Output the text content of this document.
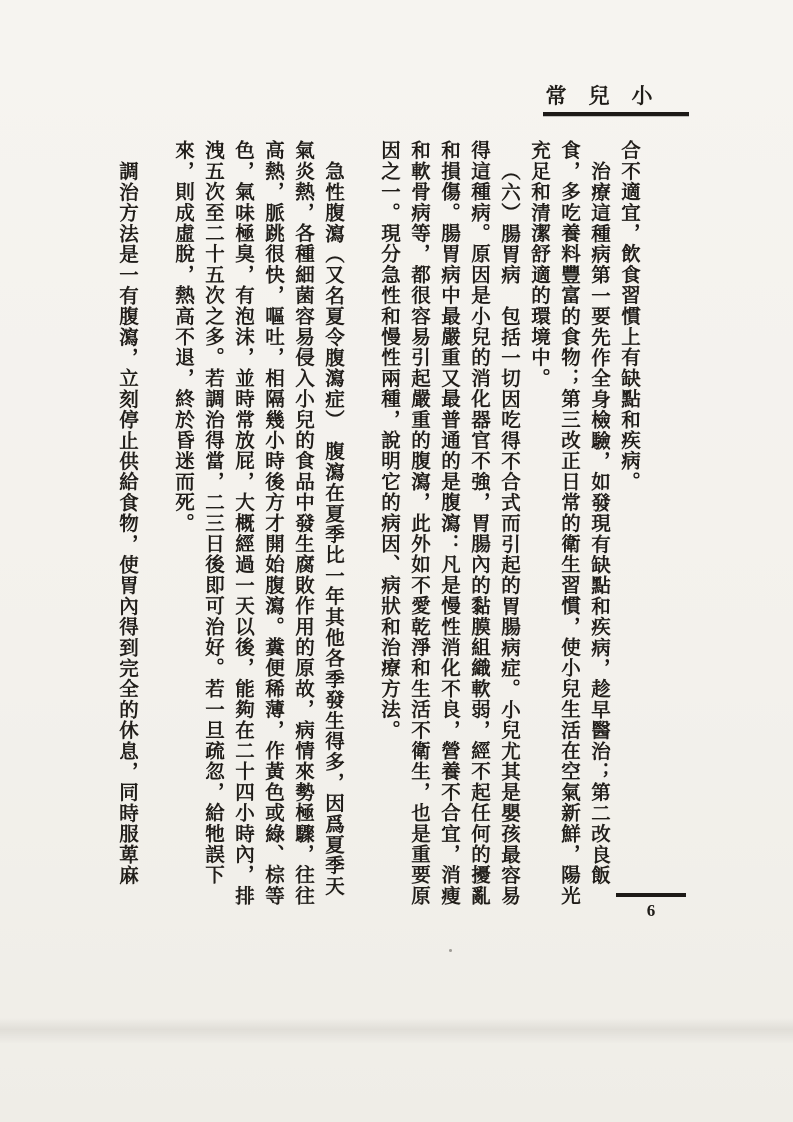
小
兒
常
合不適宜，飲食習慣上有缺點和疾病。
治療這種病第一要先作全身檢驗，如發現有缺點和疾病，趁早醫治；第二改良飯
食，多吃養料豐富的食物；第三改正日常的衛生習慣，使小兒生活在空氣新鮮，陽光
充足和清潔舒適的環境中。
（六）腸胃病　包括一切因吃得不合式而引起的胃腸病症。小兒尤其是嬰孩最容易
得這種病。原因是小兒的消化器官不強，胃腸內的黏膜組織軟弱，經不起任何的擾亂
和損傷。腸胃病中最嚴重又最普通的是腹瀉：凡是慢性消化不良，營養不合宜，消瘦
和軟骨病等，都很容易引起嚴重的腹瀉，此外如不愛乾淨和生活不衛生，也是重要原
因之一。現分急性和慢性兩種，說明它的病因、病狀和治療方法。
急性腹瀉（又名夏令腹瀉症）　腹瀉在夏季比一年其他各季發生得多，因爲夏季天
氣炎熱，各種細菌容易侵入小兒的食品中發生腐敗作用的原故，病情來勢極驟，往往
高熱，脈跳很快，嘔吐，相隔幾小時後方才開始腹瀉。糞便稀薄，作黃色或綠、棕等
色，氣味極臭，有泡沫，並時常放屁，大概經過一天以後，能夠在二十四小時內，排
洩五次至二十五次之多。若調治得當，二三日後即可治好。若一旦疏忽，給牠誤下
來，則成虛脫，熱高不退，終於昏迷而死。
調治方法是一有腹瀉，立刻停止供給食物，使胃內得到完全的休息，同時服萆麻
6
